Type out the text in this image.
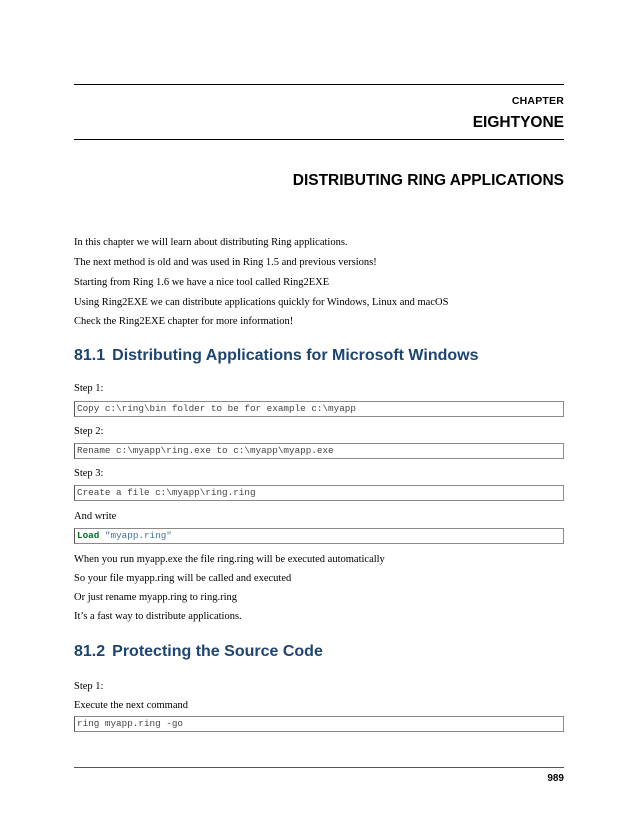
CHAPTER
EIGHTYONE
DISTRIBUTING RING APPLICATIONS
In this chapter we will learn about distributing Ring applications.
The next method is old and was used in Ring 1.5 and previous versions!
Starting from Ring 1.6 we have a nice tool called Ring2EXE
Using Ring2EXE we can distribute applications quickly for Windows, Linux and macOS
Check the Ring2EXE chapter for more information!
81.1 Distributing Applications for Microsoft Windows
Step 1:
Copy c:\ring\bin folder to be for example c:\myapp
Step 2:
Rename c:\myapp\ring.exe to c:\myapp\myapp.exe
Step 3:
Create a file c:\myapp\ring.ring
And write
Load "myapp.ring"
When you run myapp.exe the file ring.ring will be executed automatically
So your file myapp.ring will be called and executed
Or just rename myapp.ring to ring.ring
It’s a fast way to distribute applications.
81.2 Protecting the Source Code
Step 1:
Execute the next command
ring myapp.ring -go
989
